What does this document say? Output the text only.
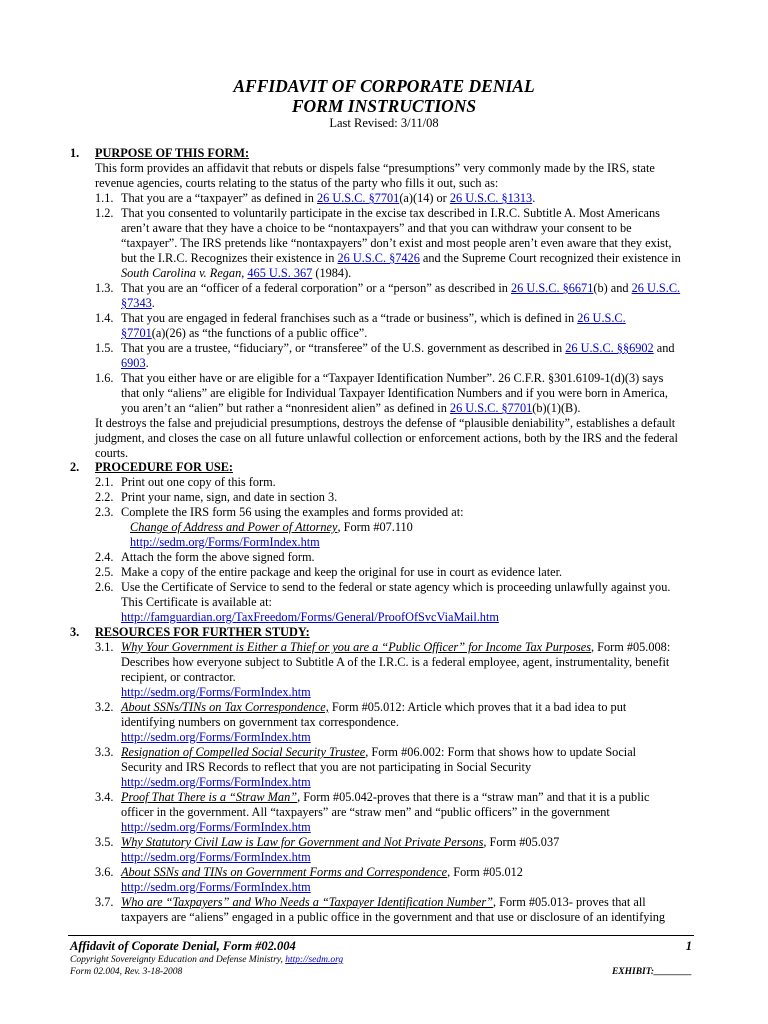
AFFIDAVIT OF CORPORATE DENIAL
FORM INSTRUCTIONS
Last Revised: 3/11/08
1. PURPOSE OF THIS FORM:
This form provides an affidavit that rebuts or dispels false “presumptions” very commonly made by the IRS, state
revenue agencies, courts relating to the status of the party who fills it out, such as:
1.1. That you are a “taxpayer” as defined in 26 U.S.C. §7701(a)(14) or 26 U.S.C. §1313.
1.2. That you consented to voluntarily participate in the excise tax described in I.R.C. Subtitle A. Most Americans
aren’t aware that they have a choice to be “nontaxpayers” and that you can withdraw your consent to be
“taxpayer”. The IRS pretends like “nontaxpayers” don’t exist and most people aren’t even aware that they exist,
but the I.R.C. Recognizes their existence in 26 U.S.C. §7426 and the Supreme Court recognized their existence in
South Carolina v. Regan, 465 U.S. 367 (1984).
1.3. That you are an “officer of a federal corporation” or a “person” as described in 26 U.S.C. §6671(b) and 26 U.S.C.
§7343.
1.4. That you are engaged in federal franchises such as a “trade or business”, which is defined in 26 U.S.C.
§7701(a)(26) as “the functions of a public office”.
1.5. That you are a trustee, “fiduciary”, or “transferee” of the U.S. government as described in 26 U.S.C. §§6902 and
6903.
1.6. That you either have or are eligible for a “Taxpayer Identification Number”. 26 C.F.R. §301.6109-1(d)(3) says
that only “aliens” are eligible for Individual Taxpayer Identification Numbers and if you were born in America,
you aren’t an “alien” but rather a “nonresident alien” as defined in 26 U.S.C. §7701(b)(1)(B).
It destroys the false and prejudicial presumptions, destroys the defense of “plausible deniability”, establishes a default
judgment, and closes the case on all future unlawful collection or enforcement actions, both by the IRS and the federal
courts.
2. PROCEDURE FOR USE:
2.1. Print out one copy of this form.
2.2. Print your name, sign, and date in section 3.
2.3. Complete the IRS form 56 using the examples and forms provided at:
Change of Address and Power of Attorney, Form #07.110
http://sedm.org/Forms/FormIndex.htm
2.4. Attach the form the above signed form.
2.5. Make a copy of the entire package and keep the original for use in court as evidence later.
2.6. Use the Certificate of Service to send to the federal or state agency which is proceeding unlawfully against you.
This Certificate is available at:
http://famguardian.org/TaxFreedom/Forms/General/ProofOfSvcViaMail.htm
3. RESOURCES FOR FURTHER STUDY:
3.1. Why Your Government is Either a Thief or you are a “Public Officer” for Income Tax Purposes, Form #05.008:
Describes how everyone subject to Subtitle A of the I.R.C. is a federal employee, agent, instrumentality, benefit
recipient, or contractor.
http://sedm.org/Forms/FormIndex.htm
3.2. About SSNs/TINs on Tax Correspondence, Form #05.012: Article which proves that it a bad idea to put
identifying numbers on government tax correspondence.
http://sedm.org/Forms/FormIndex.htm
3.3. Resignation of Compelled Social Security Trustee, Form #06.002: Form that shows how to update Social
Security and IRS Records to reflect that you are not participating in Social Security
http://sedm.org/Forms/FormIndex.htm
3.4. Proof That There is a “Straw Man”, Form #05.042-proves that there is a “straw man” and that it is a public
officer in the government. All “taxpayers” are “straw men” and “public officers” in the government
http://sedm.org/Forms/FormIndex.htm
3.5. Why Statutory Civil Law is Law for Government and Not Private Persons, Form #05.037
http://sedm.org/Forms/FormIndex.htm
3.6. About SSNs and TINs on Government Forms and Correspondence, Form #05.012
http://sedm.org/Forms/FormIndex.htm
3.7. Who are “Taxpayers” and Who Needs a “Taxpayer Identification Number”, Form #05.013- proves that all
taxpayers are “aliens” engaged in a public office in the government and that use or disclosure of an identifying
Affidavit of Coporate Denial, Form #02.004	1
Copyright Sovereignty Education and Defense Ministry, http://sedm.org
Form 02.004, Rev. 3-18-2008	EXHIBIT:________
